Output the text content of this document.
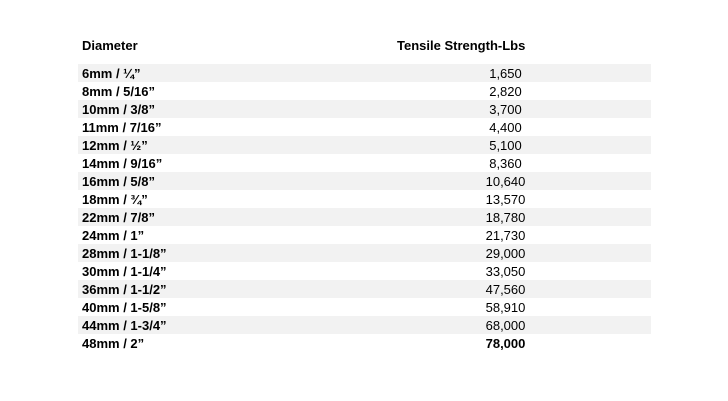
Diameter	Tensile Strength-Lbs
6mm / ¼”	1,650
8mm / 5/16”	2,820
10mm / 3/8”	3,700
11mm / 7/16”	4,400
12mm / ½”	5,100
14mm / 9/16”	8,360
16mm / 5/8”	10,640
18mm / ¾”	13,570
22mm / 7/8”	18,780
24mm / 1”	21,730
28mm / 1-1/8”	29,000
30mm / 1-1/4”	33,050
36mm / 1-1/2”	47,560
40mm / 1-5/8”	58,910
44mm / 1-3/4”	68,000
48mm / 2”	78,000
